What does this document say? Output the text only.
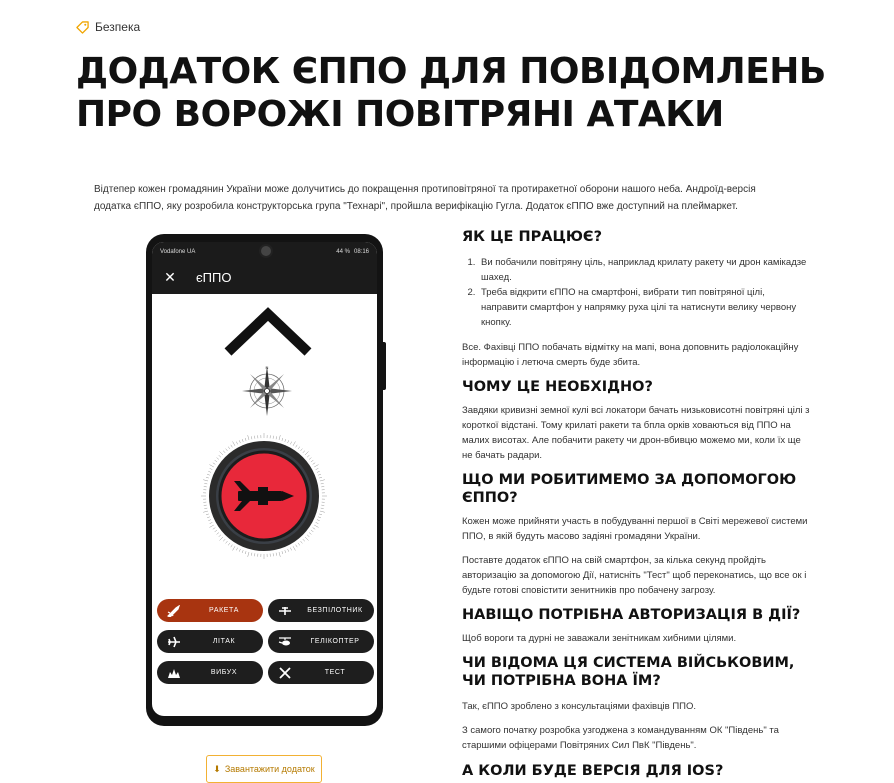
Безпека
ДОДАТОК ЄППО ДЛЯ ПОВІДОМЛЕНЬ ПРО ВОРОЖІ ПОВІТРЯНІ АТАКИ

Відтепер кожен громадянин України може долучитись до покращення протиповітряної та протиракетної оборони нашого неба. Андроїд-версія додатка єППО, яку розробила конструкторська група "Технарі", пройшла верифікацію Гугла. Додаток єППО вже доступний на плеймаркет.

Vodafone UA	44 % 08:16
✕	єППО
N
РАКЕТА	БЕЗПІЛОТНИК
ЛІТАК	ГЕЛІКОПТЕР
ВИБУХ	ТЕСТ
⬇ Завантажити додаток
ЯК ЦЕ ПРАЦЮЄ?
1. Ви побачили повітряну ціль, наприклад крилату ракету чи дрон камікадзе шахед.
2. Треба відкрити єППО на смартфоні, вибрати тип повітряної цілі, направити смартфон у напрямку руха цілі та натиснути велику червону кнопку.

Все. Фахівці ППО побачать відмітку на мапі, вона доповнить радіолокаційну інформацію і летюча смерть буде збита.

ЧОМУ ЦЕ НЕОБХІДНО?

Завдяки кривизні земної кулі всі локатори бачать низьковисотні повітряні цілі з короткої відстані. Тому крилаті ракети та бпла орків ховаються від ППО на малих висотах. Але побачити ракету чи дрон-вбивцю можемо ми, коли їх ще не бачать радари.

ЩО МИ РОБИТИМЕМО ЗА ДОПОМОГОЮ ЄППО?

Кожен може прийняти участь в побудуванні першої в Світі мережевої системи ППО, в якій будуть масово задіяні громадяни України.

Поставте додаток єППО на свій смартфон, за кілька секунд пройдіть авторизацію за допомогою Дії, натисніть "Тест" щоб переконатись, що все ок і будьте готові сповістити зенитників про побачену загрозу.

НАВІЩО ПОТРІБНА АВТОРИЗАЦІЯ В ДІЇ?

Щоб вороги та дурні не заважали зенітникам хибними цілями.

ЧИ ВІДОМА ЦЯ СИСТЕМА ВІЙСЬКОВИМ, ЧИ ПОТРІБНА ВОНА ЇМ?

Так, єППО зроблено з консультаціями фахівців ППО.

З самого початку розробка узгоджена з командуванням ОК "Південь" та старшими офіцерами Повітряних Сил ПвК "Південь".

А КОЛИ БУДЕ ВЕРСІЯ ДЛЯ IOS?
